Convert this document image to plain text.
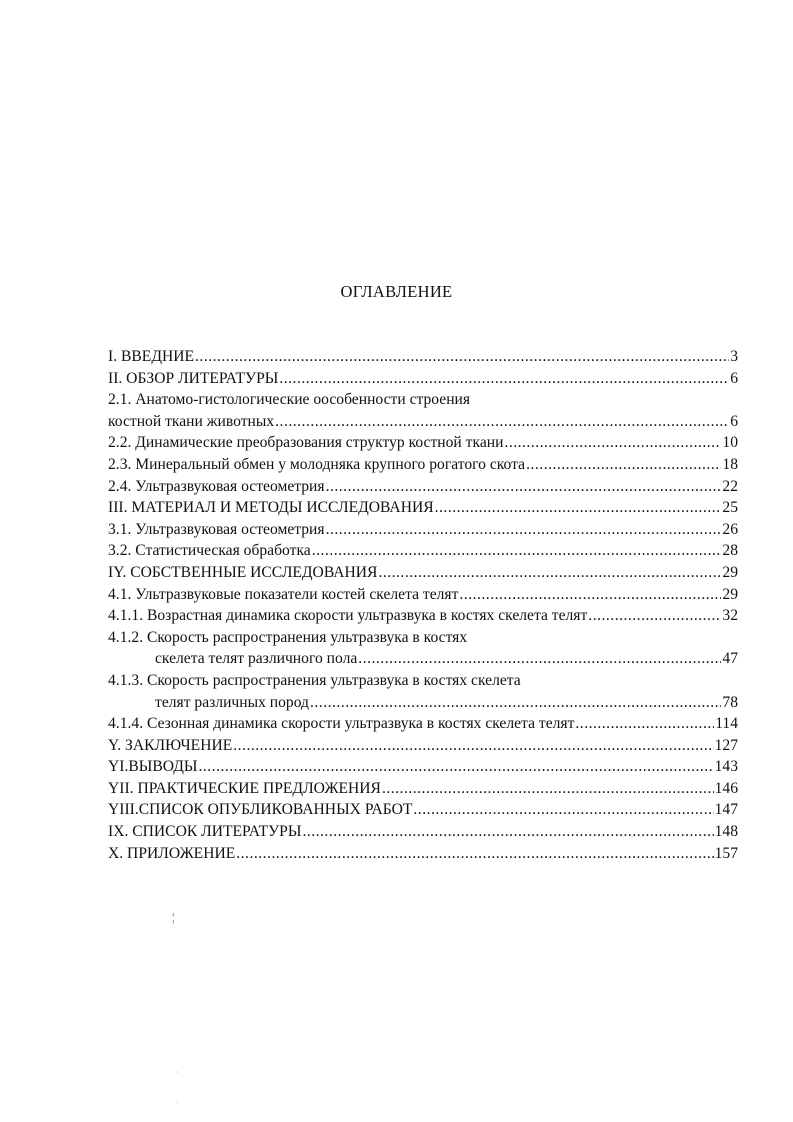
ОГЛАВЛЕНИЕ
I. ВВЕДНИЕ .....	3
II. ОБЗОР ЛИТЕРАТУРЫ .....	6
2.1. Анатомо-гистологические оособенности строения
костной ткани животных .....	6
2.2. Динамические преобразования структур костной ткани .....	10
2.3. Минеральный обмен у молодняка крупного рогатого скота .....	18
2.4. Ультразвуковая остеометрия .....	22
III. МАТЕРИАЛ И МЕТОДЫ ИССЛЕДОВАНИЯ .....	25
3.1. Ультразвуковая остеометрия .....	26
3.2. Статистическая обработка .....	28
IY. СОБСТВЕННЫЕ ИССЛЕДОВАНИЯ .....	29
4.1. Ультразвуковые показатели костей скелета телят .....	29
4.1.1. Возрастная динамика скорости ультразвука в костях скелета телят .....	32
4.1.2. Скорость распространения ультразвука в костях
скелета телят различного пола .....	47
4.1.3. Скорость распространения ультразвука в костях скелета
телят различных пород .....	78
4.1.4. Сезонная динамика скорости ультразвука в костях скелета телят .....	114
Y. ЗАКЛЮЧЕНИЕ .....	127
YI.ВЫВОДЫ .....	143
YII. ПРАКТИЧЕСКИЕ ПРЕДЛОЖЕНИЯ .....	146
YIII.СПИСОК ОПУБЛИКОВАННЫХ РАБОТ .....	147
IX. СПИСОК ЛИТЕРАТУРЫ .....	148
X. ПРИЛОЖЕНИЕ .....	157
¦
·
·
